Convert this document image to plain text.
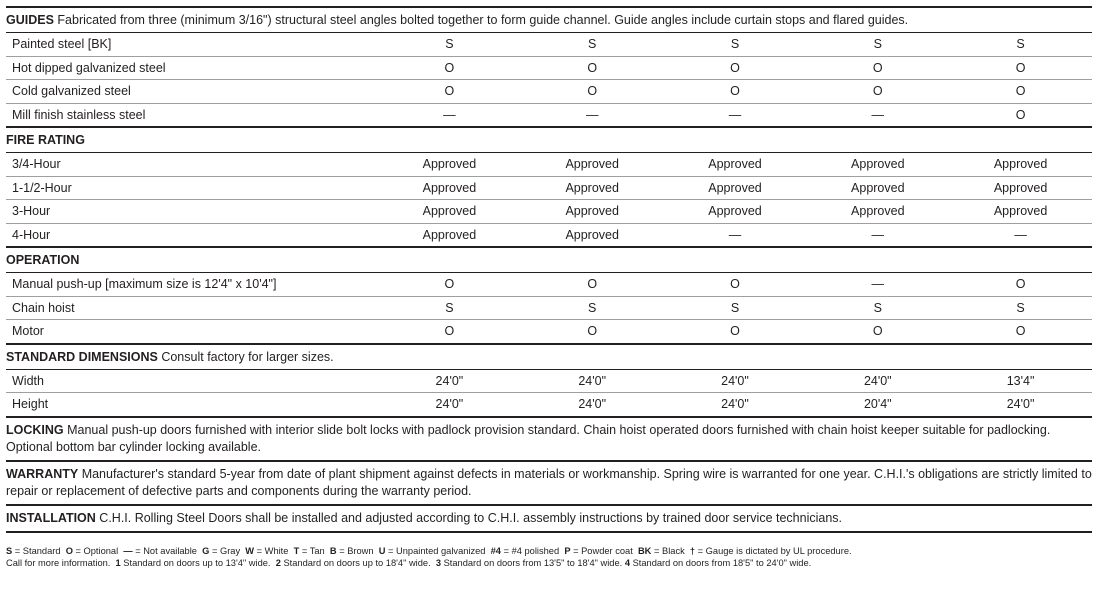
GUIDES Fabricated from three (minimum 3/16") structural steel angles bolted together to form guide channel. Guide angles include curtain stops and flared guides.
Painted steel [BK]	S	S	S	S	S
Hot dipped galvanized steel	O	O	O	O	O
Cold galvanized steel	O	O	O	O	O
Mill finish stainless steel	—	—	—	—	O
FIRE RATING
3/4-Hour	Approved	Approved	Approved	Approved	Approved
1-1/2-Hour	Approved	Approved	Approved	Approved	Approved
3-Hour	Approved	Approved	Approved	Approved	Approved
4-Hour	Approved	Approved	—	—	—
OPERATION
Manual push-up [maximum size is 12'4" x 10'4"]	O	O	O	—	O
Chain hoist	S	S	S	S	S
Motor	O	O	O	O	O
STANDARD DIMENSIONS Consult factory for larger sizes.
Width	24'0"	24'0"	24'0"	24'0"	13'4"
Height	24'0"	24'0"	24'0"	20'4"	24'0"
LOCKING Manual push-up doors furnished with interior slide bolt locks with padlock provision standard. Chain hoist operated doors furnished with chain hoist keeper suitable for padlocking. Optional bottom bar cylinder locking available.
WARRANTY Manufacturer's standard 5-year from date of plant shipment against defects in materials or workmanship. Spring wire is warranted for one year. C.H.I.'s obligations are strictly limited to repair or replacement of defective parts and components during the warranty period.
INSTALLATION C.H.I. Rolling Steel Doors shall be installed and adjusted according to C.H.I. assembly instructions by trained door service technicians.
S = Standard  O = Optional  — = Not available  G = Gray  W = White  T = Tan  B = Brown  U = Unpainted galvanized  #4 = #4 polished  P = Powder coat  BK = Black  † = Gauge is dictated by UL procedure.
Call for more information.  1 Standard on doors up to 13'4" wide.  2 Standard on doors up to 18'4" wide.  3 Standard on doors from 13'5" to 18'4" wide. 4 Standard on doors from 18'5" to 24'0" wide.
